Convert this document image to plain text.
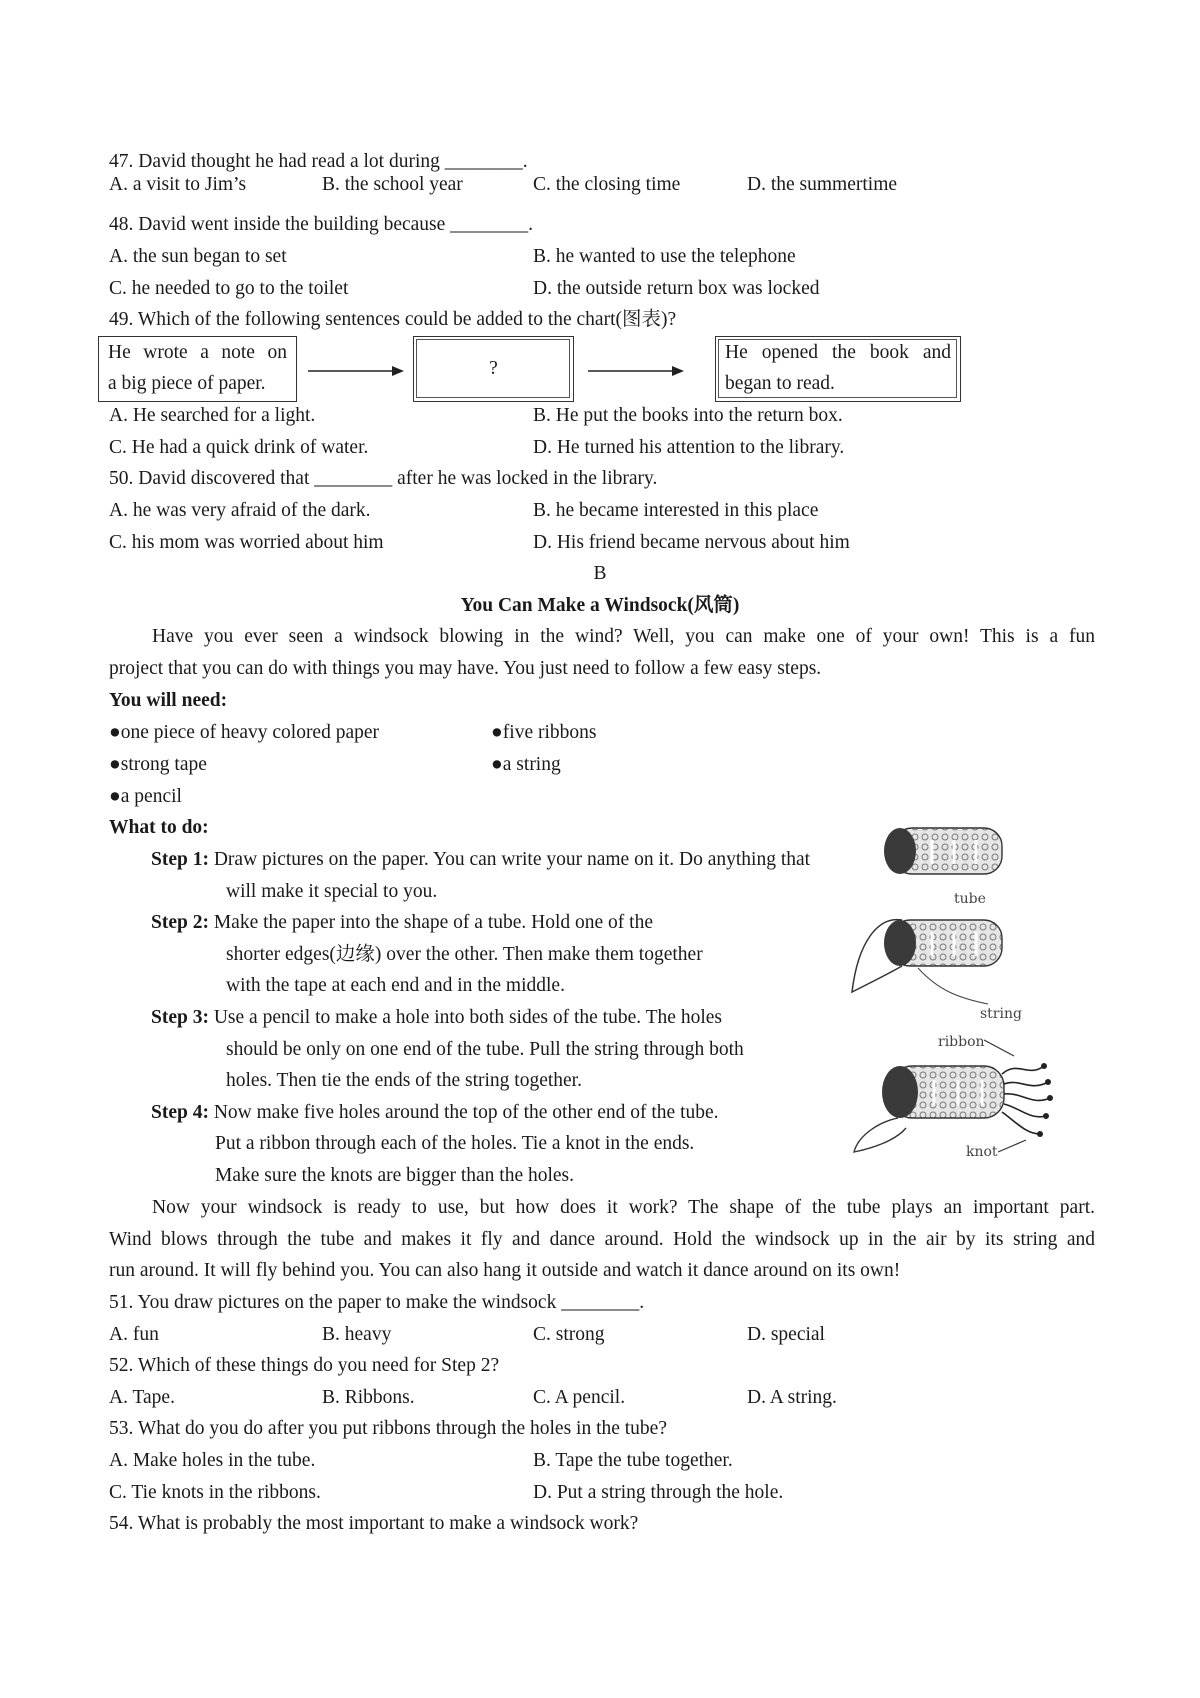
47. David thought he had read a lot during ________.
A. a visit to Jim’s	B. the school year	C. the closing time	D. the summertime
48. David went inside the building because ________.
A. the sun began to set	B. he wanted to use the telephone
C. he needed to go to the toilet	D. the outside return box was locked
49. Which of the following sentences could be added to the chart(图表)?
He wrote a note on
a big piece of paper.
?
He opened the book and
began to read.
A. He searched for a light.	B. He put the books into the return box.
C. He had a quick drink of water.	D. He turned his attention to the library.
50. David discovered that ________ after he was locked in the library.
A. he was very afraid of the dark.	B. he became interested in this place
C. his mom was worried about him	D. His friend became nervous about him
B
You Can Make a Windsock(风筒)
Have you ever seen a windsock blowing in the wind? Well, you can make one of your own! This is a fun
project that you can do with things you may have. You just need to follow a few easy steps.
You will need:
●one piece of heavy colored paper	●five ribbons
●strong tape	●a string
●a pencil
What to do:
Step 1: Draw pictures on the paper. You can write your name on it. Do anything that
will make it special to you.
Step 2: Make the paper into the shape of a tube. Hold one of the
shorter edges(边缘) over the other. Then make them together
with the tape at each end and in the middle.
Step 3: Use a pencil to make a hole into both sides of the tube. The holes
should be only on one end of the tube. Pull the string through both
holes. Then tie the ends of the string together.
Step 4: Now make five holes around the top of the other end of the tube.
Put a ribbon through each of the holes. Tie a knot in the ends.
Make sure the knots are bigger than the holes.
tube
string
ribbon
knot
Now your windsock is ready to use, but how does it work? The shape of the tube plays an important part.
Wind blows through the tube and makes it fly and dance around. Hold the windsock up in the air by its string and
run around. It will fly behind you. You can also hang it outside and watch it dance around on its own!
51. You draw pictures on the paper to make the windsock ________.
A. fun	B. heavy	C. strong	D. special
52. Which of these things do you need for Step 2?
A. Tape.	B. Ribbons.	C. A pencil.	D. A string.
53. What do you do after you put ribbons through the holes in the tube?
A. Make holes in the tube.	B. Tape the tube together.
C. Tie knots in the ribbons.	D. Put a string through the hole.
54. What is probably the most important to make a windsock work?
